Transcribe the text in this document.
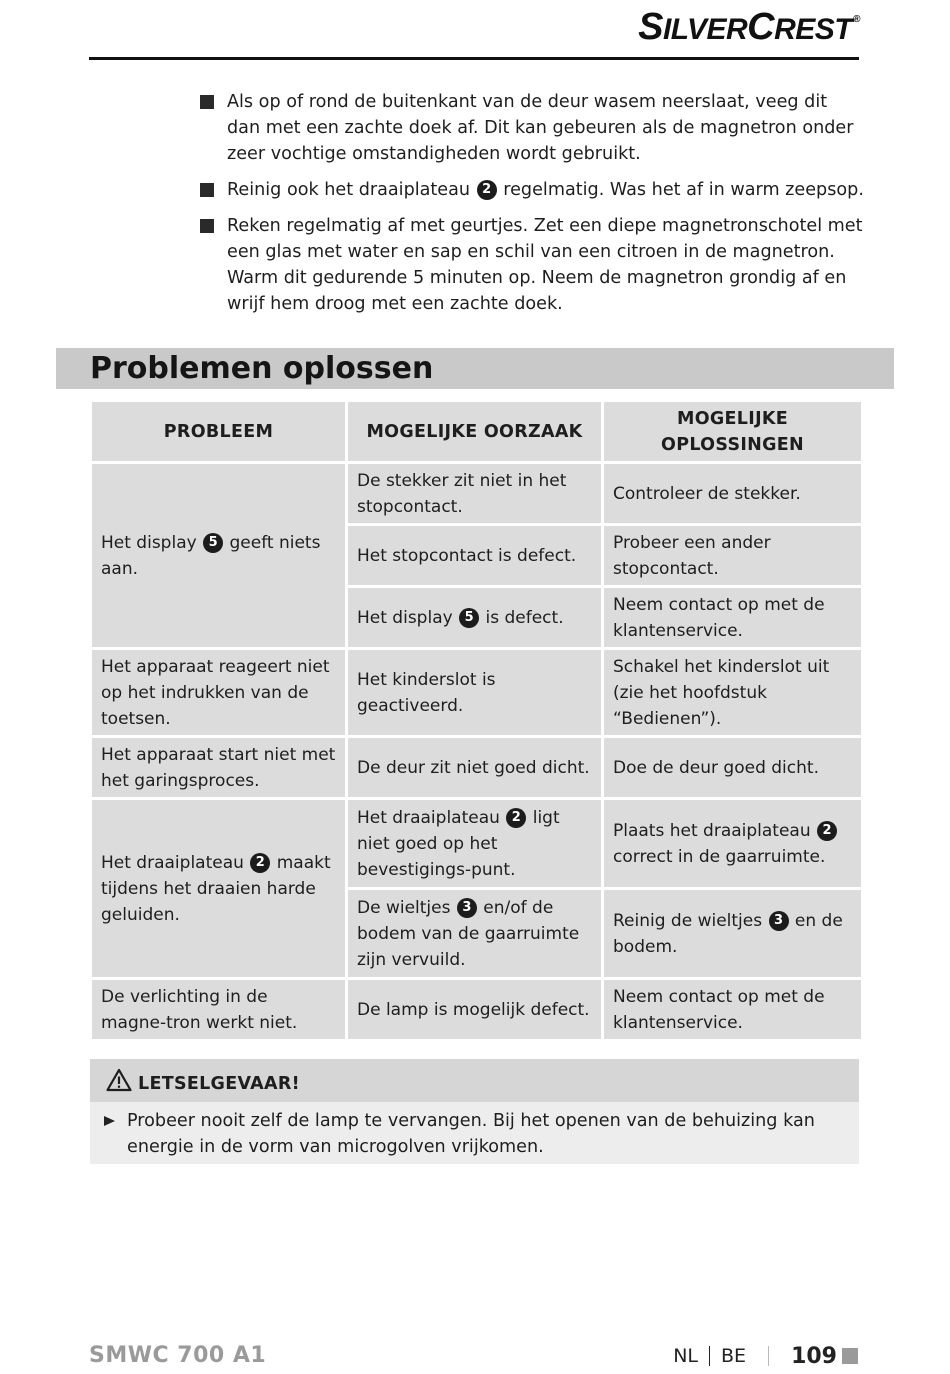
SILVERCREST®
Als op of rond de buitenkant van de deur wasem neerslaat, veeg dit dan met een zachte doek af. Dit kan gebeuren als de magnetron onder zeer vochtige omstandigheden wordt gebruikt.
Reinig ook het draaiplateau 2 regelmatig. Was het af in warm zeepsop.
Reken regelmatig af met geurtjes. Zet een diepe magnetronschotel met een glas met water en sap en schil van een citroen in de magnetron. Warm dit gedurende 5 minuten op. Neem de magnetron grondig af en wrijf hem droog met een zachte doek.
Problemen oplossen
PROBLEEM	MOGELIJKE OORZAAK	MOGELIJKE OPLOSSINGEN
Het display 5 geeft niets aan.	De stekker zit niet in het stopcontact.	Controleer de stekker.
	Het stopcontact is defect.	Probeer een ander stopcontact.
	Het display 5 is defect.	Neem contact op met de klantenservice.
Het apparaat reageert niet op het indrukken van de toetsen.	Het kinderslot is geactiveerd.	Schakel het kinderslot uit (zie het hoofdstuk “Bedienen”).
Het apparaat start niet met het garingsproces.	De deur zit niet goed dicht.	Doe de deur goed dicht.
Het draaiplateau 2 maakt tijdens het draaien harde geluiden.	Het draaiplateau 2 ligt niet goed op het bevestigings-punt.	Plaats het draaiplateau 2 correct in de gaarruimte.
	De wieltjes 3 en/of de bodem van de gaarruimte zijn vervuild.	Reinig de wieltjes 3 en de bodem.
De verlichting in de magne-tron werkt niet.	De lamp is mogelijk defect.	Neem contact op met de klantenservice.
LETSELGEVAAR!
Probeer nooit zelf de lamp te vervangen. Bij het openen van de behuizing kan energie in de vorm van microgolven vrijkomen.
SMWC 700 A1	NL BE 109
